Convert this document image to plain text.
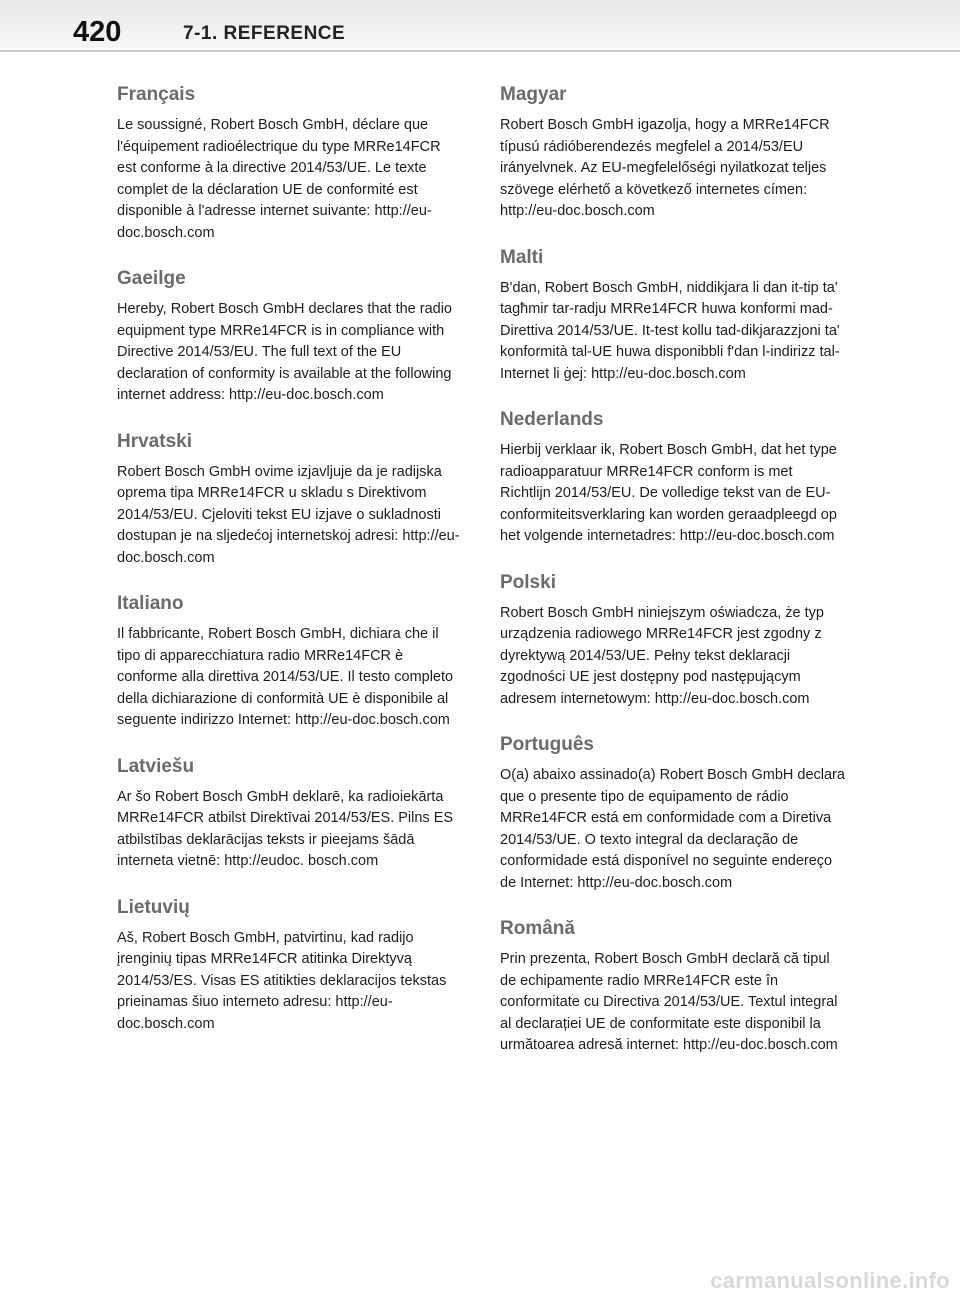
420	7-1. REFERENCE
Français

Le soussigné, Robert Bosch GmbH, déclare que l'équipement radioélectrique du type MRRe14FCR est conforme à la directive 2014/53/UE. Le texte complet de la déclaration UE de conformité est disponible à l'adresse internet suivante: http://eu-doc.bosch.com

Gaeilge

Hereby, Robert Bosch GmbH declares that the radio equipment type MRRe14FCR is in compliance with Directive 2014/53/EU. The full text of the EU declaration of conformity is available at the following internet address: http://eu-doc.bosch.com

Hrvatski

Robert Bosch GmbH ovime izjavljuje da je radijska oprema tipa MRRe14FCR u skladu s Direktivom 2014/53/EU. Cjeloviti tekst EU izjave o sukladnosti dostupan je na sljedećoj internetskoj adresi: http://eu-doc.bosch.com

Italiano

Il fabbricante, Robert Bosch GmbH, dichiara che il tipo di apparecchiatura radio MRRe14FCR è conforme alla direttiva 2014/53/UE. Il testo completo della dichiarazione di conformità UE è disponibile al seguente indirizzo Internet: http://eu-doc.bosch.com

Latviešu

Ar šo Robert Bosch GmbH deklarē, ka radioiekārta MRRe14FCR atbilst Direktīvai 2014/53/ES. Pilns ES atbilstības deklarācijas teksts ir pieejams šādā interneta vietnē: http://eudoc. bosch.com

Lietuvių

Aš, Robert Bosch GmbH, patvirtinu, kad radijo įrenginių tipas MRRe14FCR atitinka Direktyvą 2014/53/ES. Visas ES atitikties deklaracijos tekstas prieinamas šiuo interneto adresu: http://eu-doc.bosch.com

Magyar

Robert Bosch GmbH igazolja, hogy a MRRe14FCR típusú rádióberendezés megfelel a 2014/53/EU irányelvnek. Az EU-megfelelőségi nyilatkozat teljes szövege elérhető a következő internetes címen: http://eu-doc.bosch.com

Malti

B'dan, Robert Bosch GmbH, niddikjara li dan it-tip ta' tagħmir tar-radju MRRe14FCR huwa konformi mad-Direttiva 2014/53/UE. It-test kollu tad-dikjarazzjoni ta' konformità tal-UE huwa disponibbli f'dan l-indirizz tal-Internet li ġej: http://eu-doc.bosch.com

Nederlands

Hierbij verklaar ik, Robert Bosch GmbH, dat het type radioapparatuur MRRe14FCR conform is met Richtlijn 2014/53/EU. De volledige tekst van de EU-conformiteitsverklaring kan worden geraadpleegd op het volgende internetadres: http://eu-doc.bosch.com

Polski

Robert Bosch GmbH niniejszym oświadcza, że typ urządzenia radiowego MRRe14FCR jest zgodny z dyrektywą 2014/53/UE. Pełny tekst deklaracji zgodności UE jest dostępny pod następującym adresem internetowym: http://eu-doc.bosch.com

Português

O(a) abaixo assinado(a) Robert Bosch GmbH declara que o presente tipo de equipamento de rádio MRRe14FCR está em conformidade com a Diretiva 2014/53/UE. O texto integral da declaração de conformidade está disponível no seguinte endereço de Internet: http://eu-doc.bosch.com

Română

Prin prezenta, Robert Bosch GmbH declară că tipul de echipamente radio MRRe14FCR este în conformitate cu Directiva 2014/53/UE. Textul integral al declarației UE de conformitate este disponibil la următoarea adresă internet: http://eu-doc.bosch.com

carmanualsonline.info
